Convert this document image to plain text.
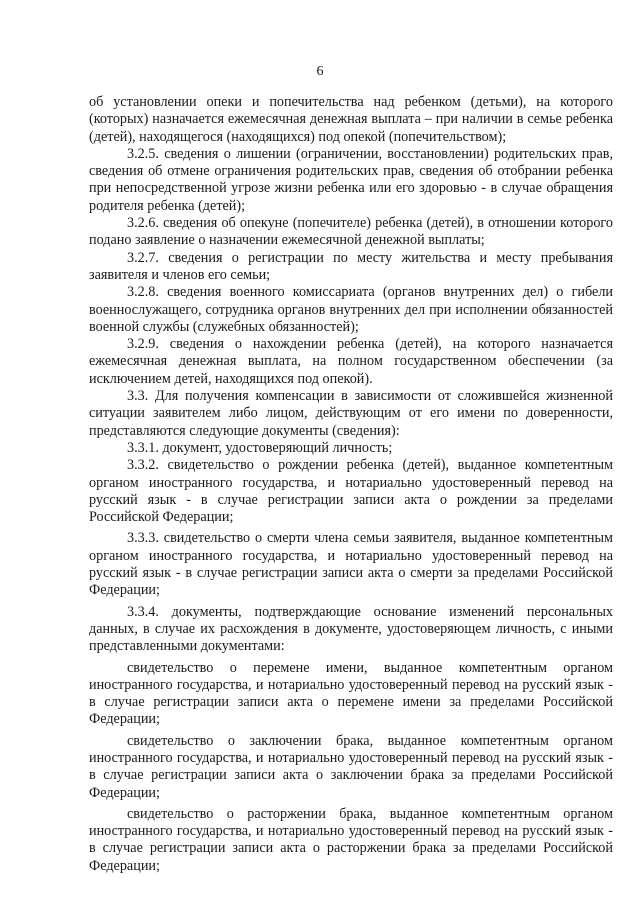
6

об установлении опеки и попечительства над ребенком (детьми), на которого (которых) назначается ежемесячная денежная выплата – при наличии в семье ребенка (детей), находящегося (находящихся) под опекой (попечительством);

3.2.5. сведения о лишении (ограничении, восстановлении) родительских прав, сведения об отмене ограничения родительских прав, сведения об отобрании ребенка при непосредственной угрозе жизни ребенка или его здоровью - в случае обращения родителя ребенка (детей);

3.2.6. сведения об опекуне (попечителе) ребенка (детей), в отношении которого подано заявление о назначении ежемесячной денежной выплаты;

3.2.7. сведения о регистрации по месту жительства и месту пребывания заявителя и членов его семьи;

3.2.8. сведения военного комиссариата (органов внутренних дел) о гибели военнослужащего, сотрудника органов внутренних дел при исполнении обязанностей военной службы (служебных обязанностей);

3.2.9. сведения о нахождении ребенка (детей), на которого назначается ежемесячная денежная выплата, на полном государственном обеспечении (за исключением детей, находящихся под опекой).

3.3. Для получения компенсации в зависимости от сложившейся жизненной ситуации заявителем либо лицом, действующим от его имени по доверенности, представляются следующие документы (сведения):

3.3.1. документ, удостоверяющий личность;

3.3.2. свидетельство о рождении ребенка (детей), выданное компетентным органом иностранного государства, и нотариально удостоверенный перевод на русский язык - в случае регистрации записи акта о рождении за пределами Российской Федерации;

3.3.3. свидетельство о смерти члена семьи заявителя, выданное компетентным органом иностранного государства, и нотариально удостоверенный перевод на русский язык - в случае регистрации записи акта о смерти за пределами Российской Федерации;

3.3.4. документы, подтверждающие основание изменений персональных данных, в случае их расхождения в документе, удостоверяющем личность, с иными представленными документами:

свидетельство о перемене имени, выданное компетентным органом иностранного государства, и нотариально удостоверенный перевод на русский язык - в случае регистрации записи акта о перемене имени за пределами Российской Федерации;

свидетельство о заключении брака, выданное компетентным органом иностранного государства, и нотариально удостоверенный перевод на русский язык - в случае регистрации записи акта о заключении брака за пределами Российской Федерации;

свидетельство о расторжении брака, выданное компетентным органом иностранного государства, и нотариально удостоверенный перевод на русский язык - в случае регистрации записи акта о расторжении брака за пределами Российской Федерации;
